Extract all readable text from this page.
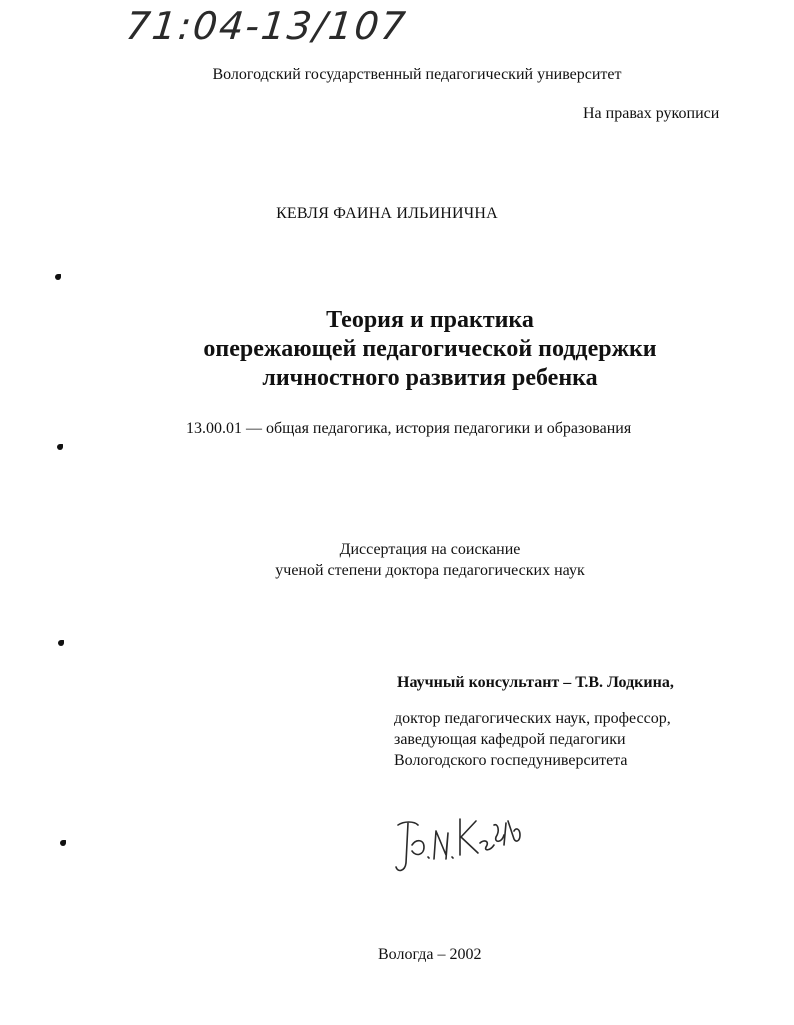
71:04-13/107
Вологодский государственный педагогический университет
На правах рукописи
КЕВЛЯ ФАИНА ИЛЬИНИЧНА
Теория и практика
опережающей педагогической поддержки
личностного развития ребенка
13.00.01 — общая педагогика, история педагогики и образования
Диссертация на соискание
ученой степени доктора педагогических наук
Научный консультант – Т.В. Лодкина,
доктор педагогических наук, профессор,
заведующая кафедрой педагогики
Вологодского госпедуниверситета
Вологда – 2002
